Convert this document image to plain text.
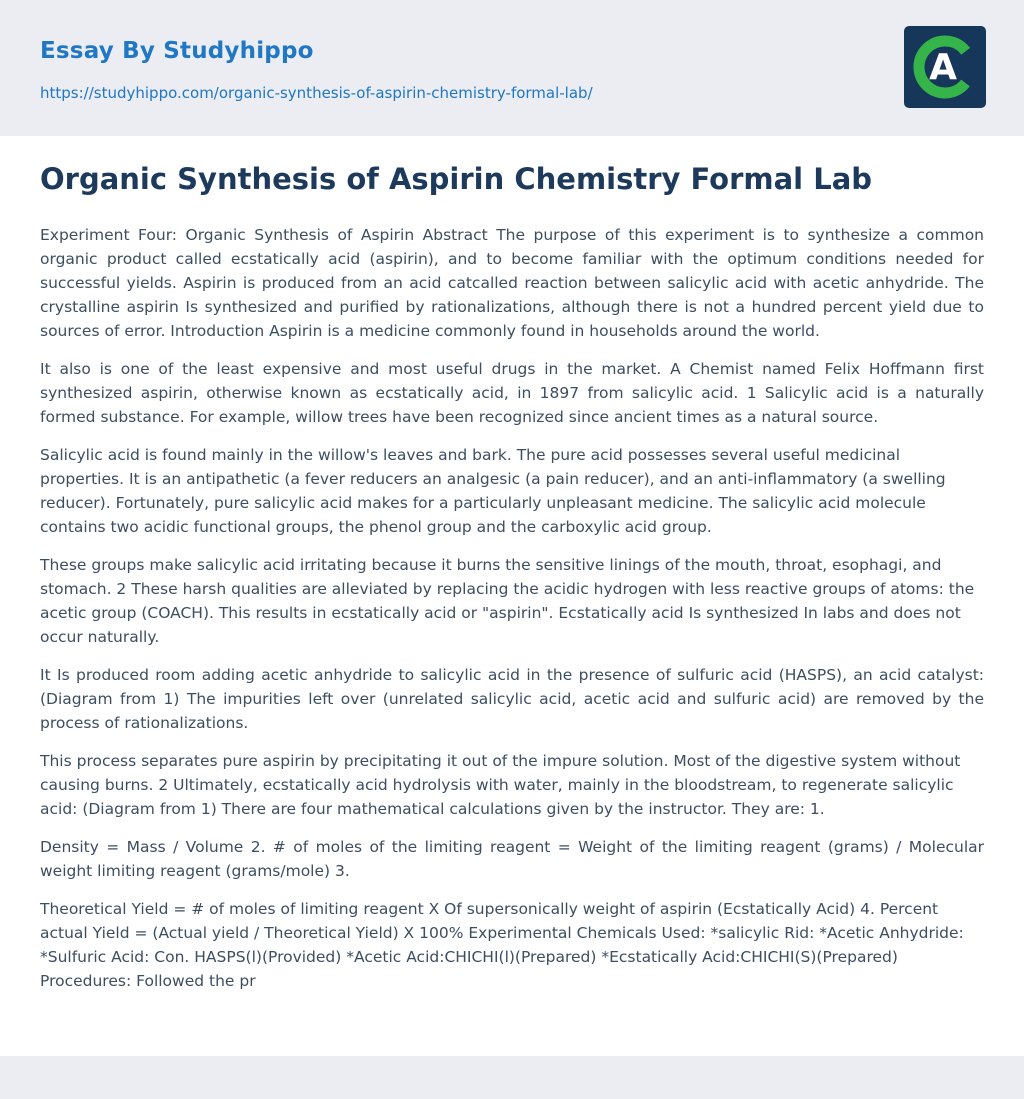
Essay By Studyhippo
https://studyhippo.com/organic-synthesis-of-aspirin-chemistry-formal-lab/
A
Organic Synthesis of Aspirin Chemistry Formal Lab

Experiment Four: Organic Synthesis of Aspirin Abstract The purpose of this experiment is to synthesize a common organic product called ecstatically acid (aspirin), and to become familiar with the optimum conditions needed for successful yields. Aspirin is produced from an acid catcalled reaction between salicylic acid with acetic anhydride. The crystalline aspirin Is synthesized and purified by rationalizations, although there is not a hundred percent yield due to sources of error. Introduction Aspirin is a medicine commonly found in households around the world.

It also is one of the least expensive and most useful drugs in the market. A Chemist named Felix Hoffmann first synthesized aspirin, otherwise known as ecstatically acid, in 1897 from salicylic acid. 1 Salicylic acid is a naturally formed substance. For example, willow trees have been recognized since ancient times as a natural source.

Salicylic acid is found mainly in the willow's leaves and bark. The pure acid possesses several useful medicinal properties. It is an antipathetic (a fever reducers an analgesic (a pain reducer), and an anti-inflammatory (a swelling reducer). Fortunately, pure salicylic acid makes for a particularly unpleasant medicine. The salicylic acid molecule contains two acidic functional groups, the phenol group and the carboxylic acid group.

These groups make salicylic acid irritating because it burns the sensitive linings of the mouth, throat, esophagi, and stomach. 2 These harsh qualities are alleviated by replacing the acidic hydrogen with less reactive groups of atoms: the acetic group (COACH). This results in ecstatically acid or "aspirin". Ecstatically acid Is synthesized In labs and does not occur naturally.

It Is produced room adding acetic anhydride to salicylic acid in the presence of sulfuric acid (HASPS), an acid catalyst: (Diagram from 1) The impurities left over (unrelated salicylic acid, acetic acid and sulfuric acid) are removed by the process of rationalizations.

This process separates pure aspirin by precipitating it out of the impure solution. Most of the digestive system without causing burns. 2 Ultimately, ecstatically acid hydrolysis with water, mainly in the bloodstream, to regenerate salicylic acid: (Diagram from 1) There are four mathematical calculations given by the instructor. They are: 1.

Density = Mass / Volume 2. # of moles of the limiting reagent = Weight of the limiting reagent (grams) / Molecular weight limiting reagent (grams/mole) 3.

Theoretical Yield = # of moles of limiting reagent X Of supersonically weight of aspirin (Ecstatically Acid) 4. Percent actual Yield = (Actual yield / Theoretical Yield) X 100% Experimental Chemicals Used: *salicylic Rid: *Acetic Anhydride: *Sulfuric Acid: Con. HASPS(l)(Provided) *Acetic Acid:CHICHI(l)(Prepared) *Ecstatically Acid:CHICHI(S)(Prepared) Procedures: Followed the pr
